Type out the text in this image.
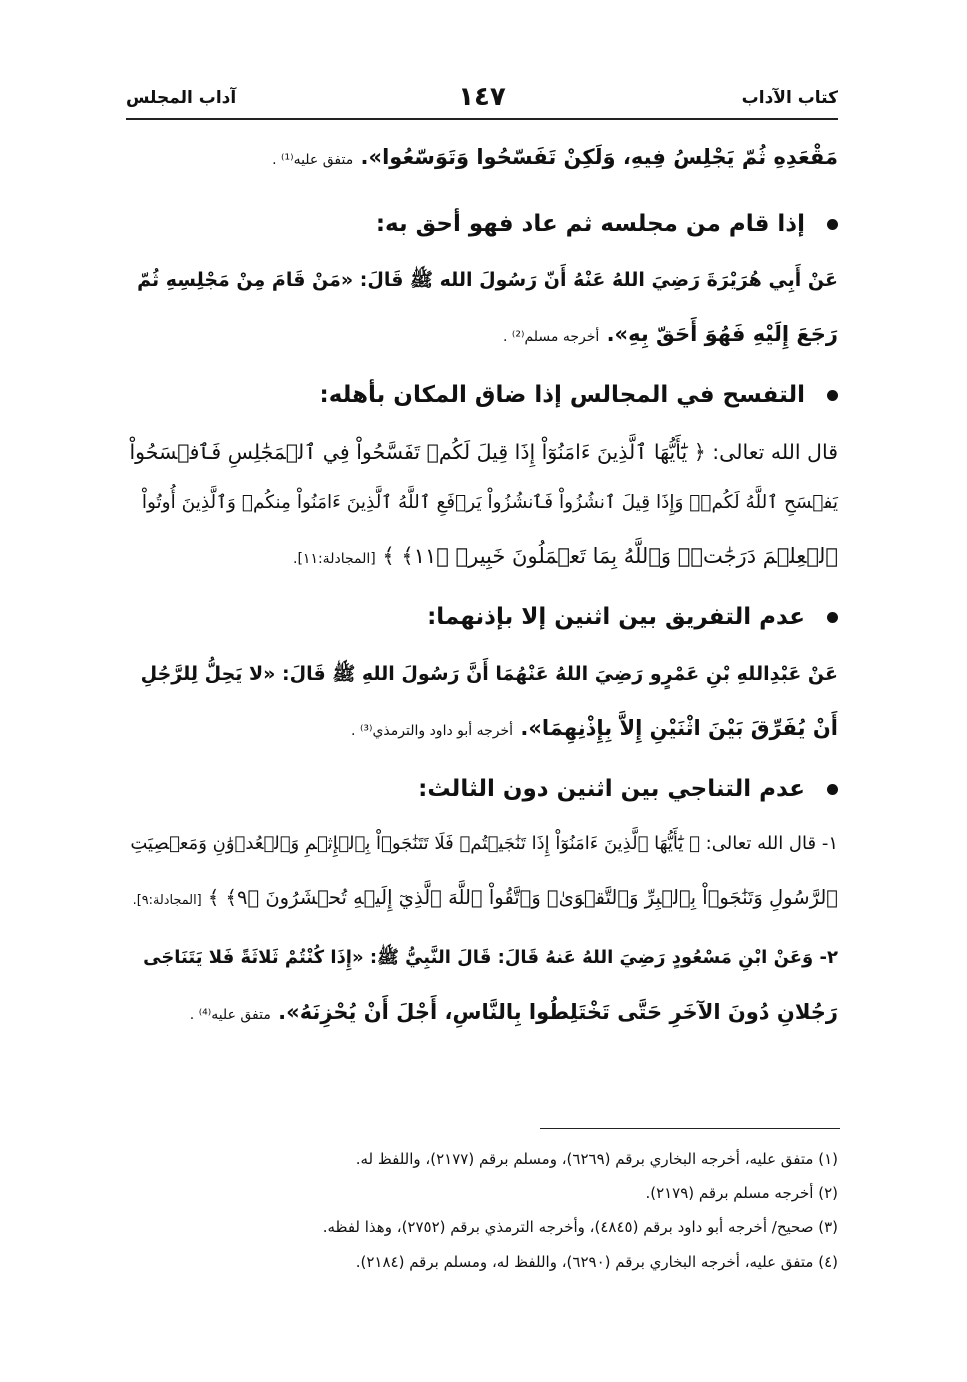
كتاب الآداب
١٤٧
آداب المجلس
مَقْعَدِهِ ثُمّ يَجْلِسُ فِيهِ، وَلَكِنْ تَفَسّحُوا وَتَوَسّعُوا». متفق عليه⁽¹⁾ .
إذا قام من مجلسه ثم عاد فهو أحق به:
عَنْ أَبِي هُرَيْرَةَ رَضِيَ اللهُ عَنْهُ أَنّ رَسُولَ الله ﷺ قَالَ: «مَنْ قَامَ مِنْ مَجْلِسِهِ ثُمّ
رَجَعَ إِلَيْهِ فَهُوَ أَحَقّ بِهِ». أخرجه مسلم⁽²⁾ .
التفسح في المجالس إذا ضاق المكان بأهله:
قال الله تعالى: ﴿ يَٰٓأَيُّهَا ٱلَّذِينَ ءَامَنُوٓاْ إِذَا قِيلَ لَكُمۡ تَفَسَّحُواْ فِي ٱلۡمَجَٰلِسِ فَٱفۡسَحُواْ
يَفۡسَحِ ٱللَّهُ لَكُمۡۖ وَإِذَا قِيلَ ٱنشُزُواْ فَٱنشُزُواْ يَرۡفَعِ ٱللَّهُ ٱلَّذِينَ ءَامَنُواْ مِنكُمۡ وَٱلَّذِينَ أُوتُواْ
ٱلۡعِلۡمَ دَرَجَٰتٖۚ وَٱللَّهُ بِمَا تَعۡمَلُونَ خَبِيرٞ ﴿١١﴾ ﴾ [المجادلة:١١].
عدم التفريق بين اثنين إلا بإذنهما:
عَنْ عَبْدِاللهِ بْنِ عَمْرٍو رَضِيَ اللهُ عَنْهُمَا أَنَّ رَسُولَ اللهِ ﷺ قَالَ: «لا يَحِلُّ لِلرَّجُلِ
أَنْ يُفَرِّقَ بَيْنَ اثْنَيْنِ إِلاَّ بِإِذْنِهِمَا». أخرجه أبو داود والترمذي⁽³⁾ .
عدم التناجي بين اثنين دون الثالث:
١- قال الله تعالى: ﴿ يَٰٓأَيُّهَا ٱلَّذِينَ ءَامَنُوٓاْ إِذَا تَنَٰجَيۡتُمۡ فَلَا تَتَنَٰجَوۡاْ بِٱلۡإِثۡمِ وَٱلۡعُدۡوَٰنِ وَمَعۡصِيَتِ
ٱلرَّسُولِ وَتَنَٰجَوۡاْ بِٱلۡبِرِّ وَٱلتَّقۡوَىٰۖ وَٱتَّقُواْ ٱللَّهَ ٱلَّذِيٓ إِلَيۡهِ تُحۡشَرُونَ ﴿٩﴾ ﴾ [المجادلة:٩].
٢- وَعَنْ ابْنِ مَسْعُودٍ رَضِيَ اللهُ عَنهُ قَالَ: قَالَ النَّبِيُّ ﷺ: «إِذَا كُنْتُمْ ثَلاثَةً فَلا يَتَنَاجَى
رَجُلانِ دُونَ الآخَرِ حَتَّى تَخْتَلِطُوا بِالنَّاسِ، أَجْلَ أَنْ يُحْزِنَهُ». متفق عليه⁽⁴⁾ .
(١) متفق عليه، أخرجه البخاري برقم (٦٢٦٩)، ومسلم برقم (٢١٧٧)، واللفظ له.
(٢) أخرجه مسلم برقم (٢١٧٩).
(٣) صحيح/ أخرجه أبو داود برقم (٤٨٤٥)، وأخرجه الترمذي برقم (٢٧٥٢)، وهذا لفظه.
(٤) متفق عليه، أخرجه البخاري برقم (٦٢٩٠)، واللفظ له، ومسلم برقم (٢١٨٤).
